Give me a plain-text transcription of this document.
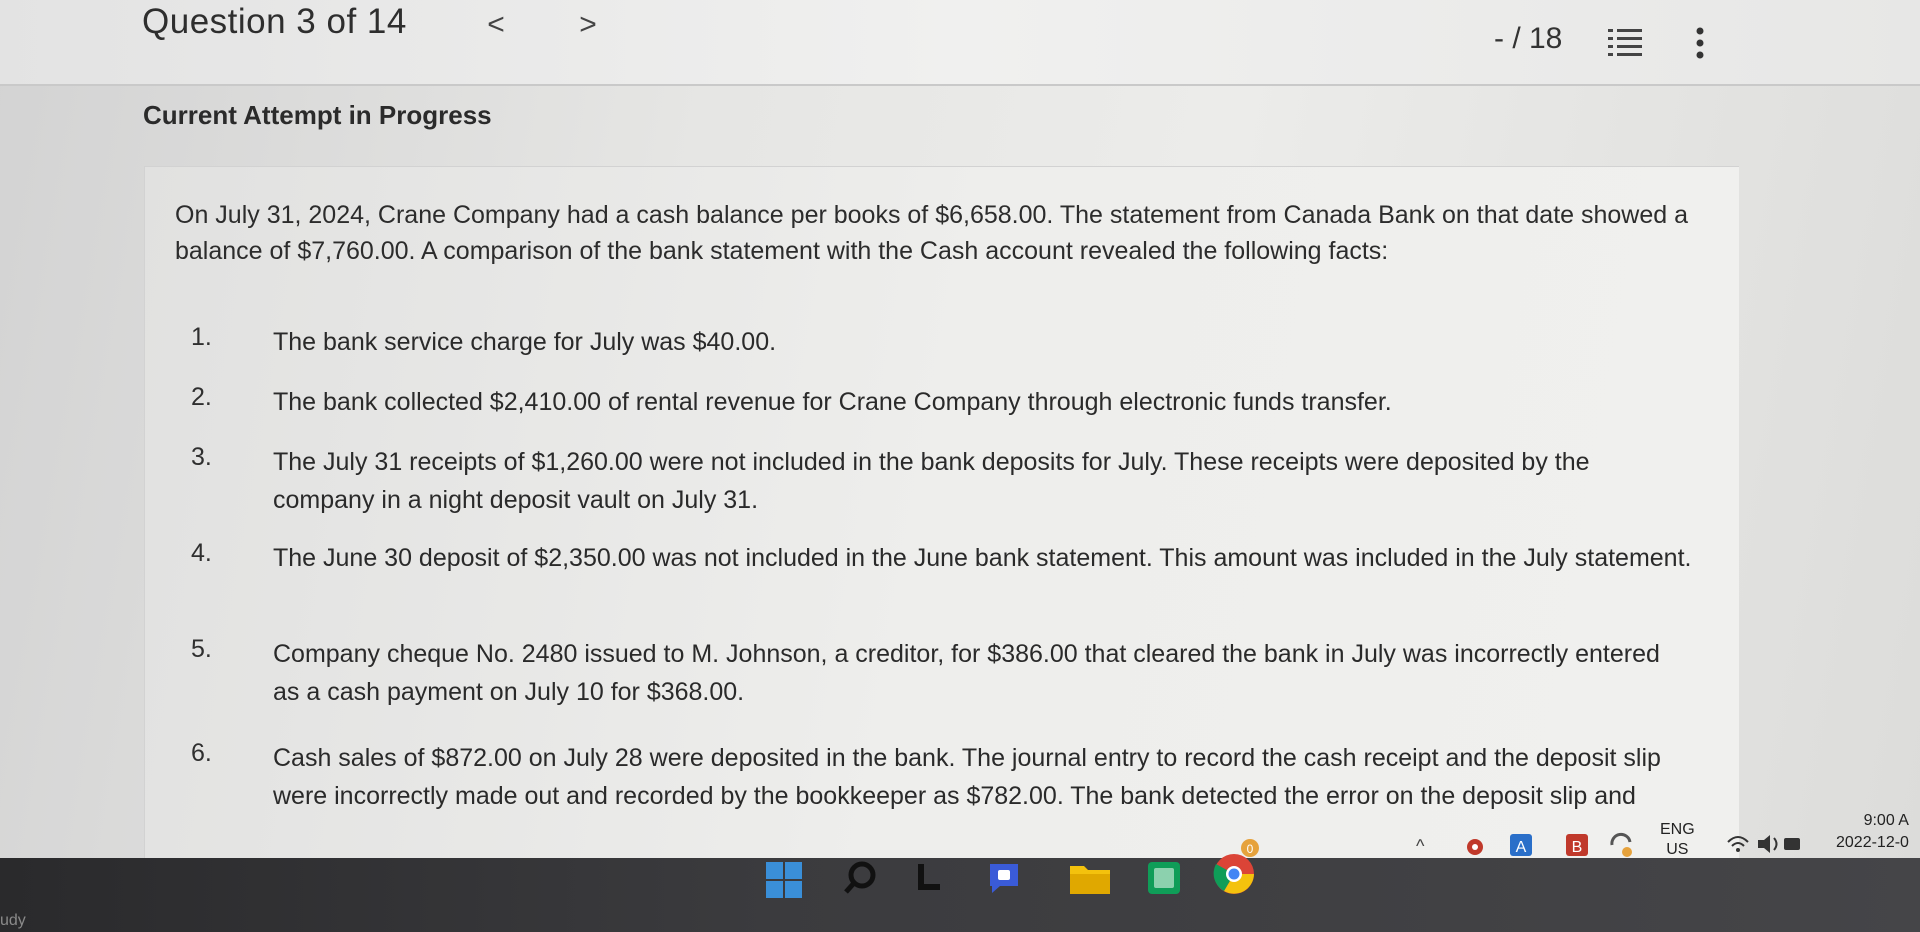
Question 3 of 14	< >	- / 18
Current Attempt in Progress
On July 31, 2024, Crane Company had a cash balance per books of $6,658.00. The statement from Canada Bank on that date showed a balance of $7,760.00. A comparison of the bank statement with the Cash account revealed the following facts:
1. The bank service charge for July was $40.00.
2. The bank collected $2,410.00 of rental revenue for Crane Company through electronic funds transfer.
3. The July 31 receipts of $1,260.00 were not included in the bank deposits for July. These receipts were deposited by the company in a night deposit vault on July 31.
4. The June 30 deposit of $2,350.00 was not included in the June bank statement. This amount was included in the July statement.
5. Company cheque No. 2480 issued to M. Johnson, a creditor, for $386.00 that cleared the bank in July was incorrectly entered as a cash payment on July 10 for $368.00.
6. Cash sales of $872.00 on July 28 were deposited in the bank. The journal entry to record the cash receipt and the deposit slip were incorrectly made out and recorded by the bookkeeper as $782.00. The bank detected the error on the deposit slip and
^	A	B
ENG
US
9:00 A
2022-12-0
0
udy
